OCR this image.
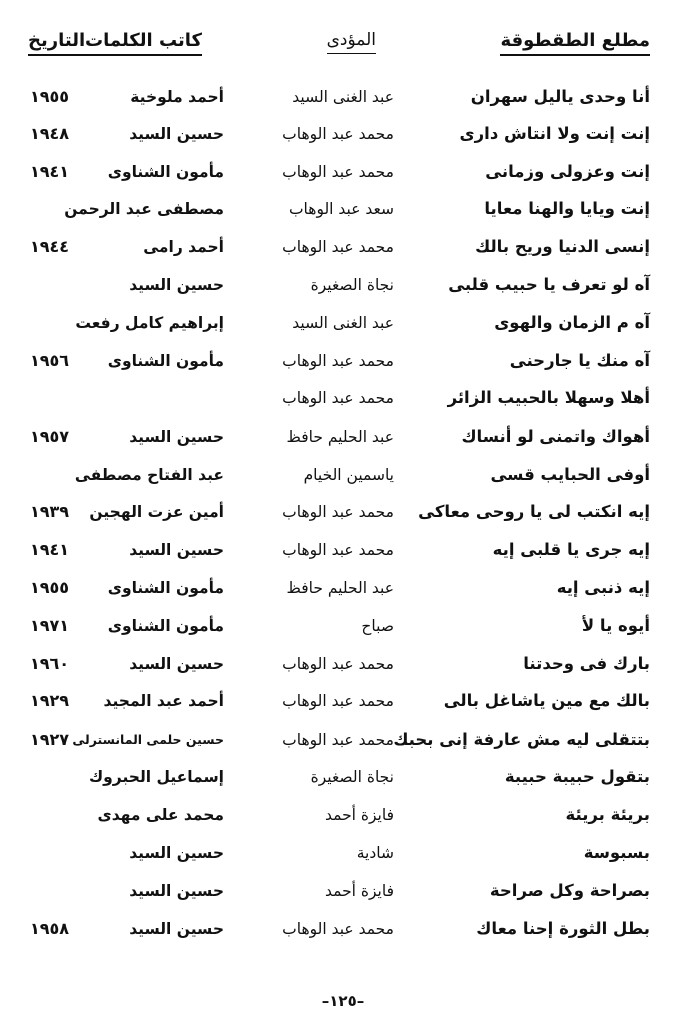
مطلع الطقطوقة
المؤدى
كاتب الكلمات
التاريخ
أنا وحدى ياليل سهران
عبد الغنى السيد
أحمد ملوخية
١٩٥٥
إنت إنت ولا انتاش دارى
محمد عبد الوهاب
حسين السيد
١٩٤٨
إنت وعزولى وزمانى
محمد عبد الوهاب
مأمون الشناوى
١٩٤١
إنت ويايا والهنا معايا
سعد عبد الوهاب
مصطفى عبد الرحمن
إنسى الدنيا وريح بالك
محمد عبد الوهاب
أحمد رامى
١٩٤٤
آه لو تعرف يا حبيب قلبى
نجاة الصغيرة
حسين السيد
آه م الزمان والهوى
عبد الغنى السيد
إبراهيم كامل رفعت
آه منك يا جارحنى
محمد عبد الوهاب
مأمون الشناوى
١٩٥٦
أهلا وسهلا بالحبيب الزائر
محمد عبد الوهاب
أهواك واتمنى لو أنساك
عبد الحليم حافظ
حسين السيد
١٩٥٧
أوفى الحبايب قسى
ياسمين الخيام
عبد الفتاح مصطفى
إيه انكتب لى يا روحى معاكى
محمد عبد الوهاب
أمين عزت الهجين
١٩٣٩
إيه جرى يا قلبى إيه
محمد عبد الوهاب
حسين السيد
١٩٤١
إيه ذنبى إيه
عبد الحليم حافظ
مأمون الشناوى
١٩٥٥
أيوه يا لأ
صباح
مأمون الشناوى
١٩٧١
بارك فى وحدتنا
محمد عبد الوهاب
حسين السيد
١٩٦٠
بالك مع مين ياشاغل بالى
محمد عبد الوهاب
أحمد عبد المجيد
١٩٢٩
بتتقلى ليه مش عارفة إنى بحبك
محمد عبد الوهاب
حسين حلمى المانسترلى
١٩٢٧
بتقول حبيبة حبيبة
نجاة الصغيرة
إسماعيل الحبروك
بريئة بريئة
فايزة أحمد
محمد على مهدى
بسبوسة
شادية
حسين السيد
بصراحة وكل صراحة
فايزة أحمد
حسين السيد
بطل الثورة إحنا معاك
محمد عبد الوهاب
حسين السيد
١٩٥٨
–١٢٥–
